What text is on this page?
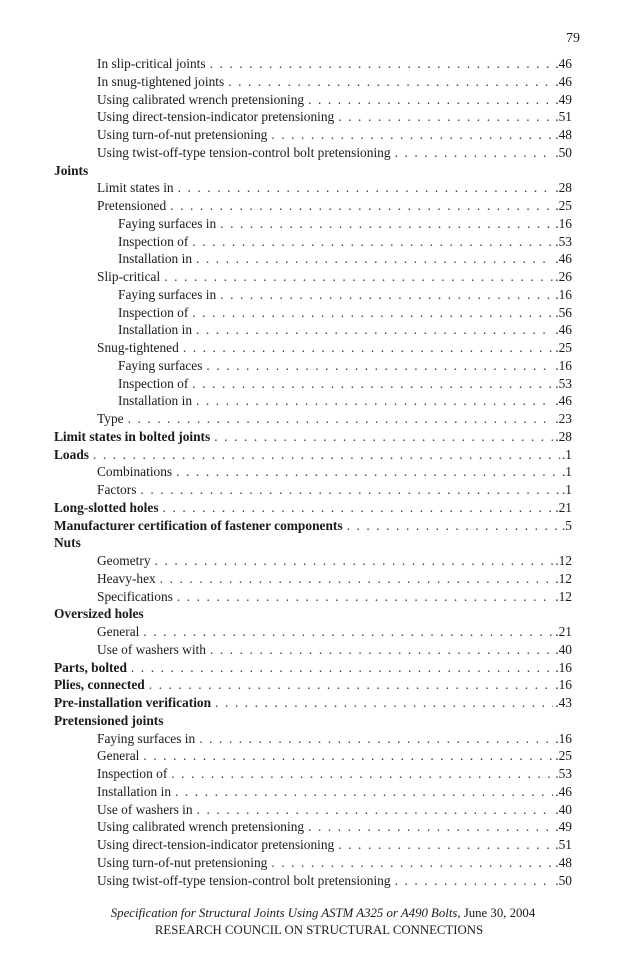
79
In slip-critical joints . . .	.46
In snug-tightened joints . . .	.46
Using calibrated wrench pretensioning . . .	.49
Using direct-tension-indicator pretensioning . . .	.51
Using turn-of-nut pretensioning . . .	.48
Using twist-off-type tension-control bolt pretensioning . . .	.50
Joints
Limit states in . . .	.28
Pretensioned . . .	.25
Faying surfaces in . . .	.16
Inspection of . . .	.53
Installation in . . .	.46
Slip-critical . . .	.26
Faying surfaces in . . .	.16
Inspection of . . .	.56
Installation in . . .	.46
Snug-tightened . . .	.25
Faying surfaces . . .	.16
Inspection of . . .	.53
Installation in . . .	.46
Type . . .	.23
Limit states in bolted joints . . .	.28
Loads . . .	.1
Combinations . . .	.1
Factors . . .	.1
Long-slotted holes . . .	.21
Manufacturer certification of fastener components . . .	.5
Nuts
Geometry . . .	.12
Heavy-hex . . .	.12
Specifications . . .	.12
Oversized holes
General . . .	.21
Use of washers with . . .	.40
Parts, bolted . . .	.16
Plies, connected . . .	.16
Pre-installation verification . . .	.43
Pretensioned joints
Faying surfaces in . . .	.16
General . . .	.25
Inspection of . . .	.53
Installation in . . .	.46
Use of washers in . . .	.40
Using calibrated wrench pretensioning . . .	.49
Using direct-tension-indicator pretensioning . . .	.51
Using turn-of-nut pretensioning . . .	.48
Using twist-off-type tension-control bolt pretensioning . . .	.50
Specification for Structural Joints Using ASTM A325 or A490 Bolts, June 30, 2004
RESEARCH COUNCIL ON STRUCTURAL CONNECTIONS
